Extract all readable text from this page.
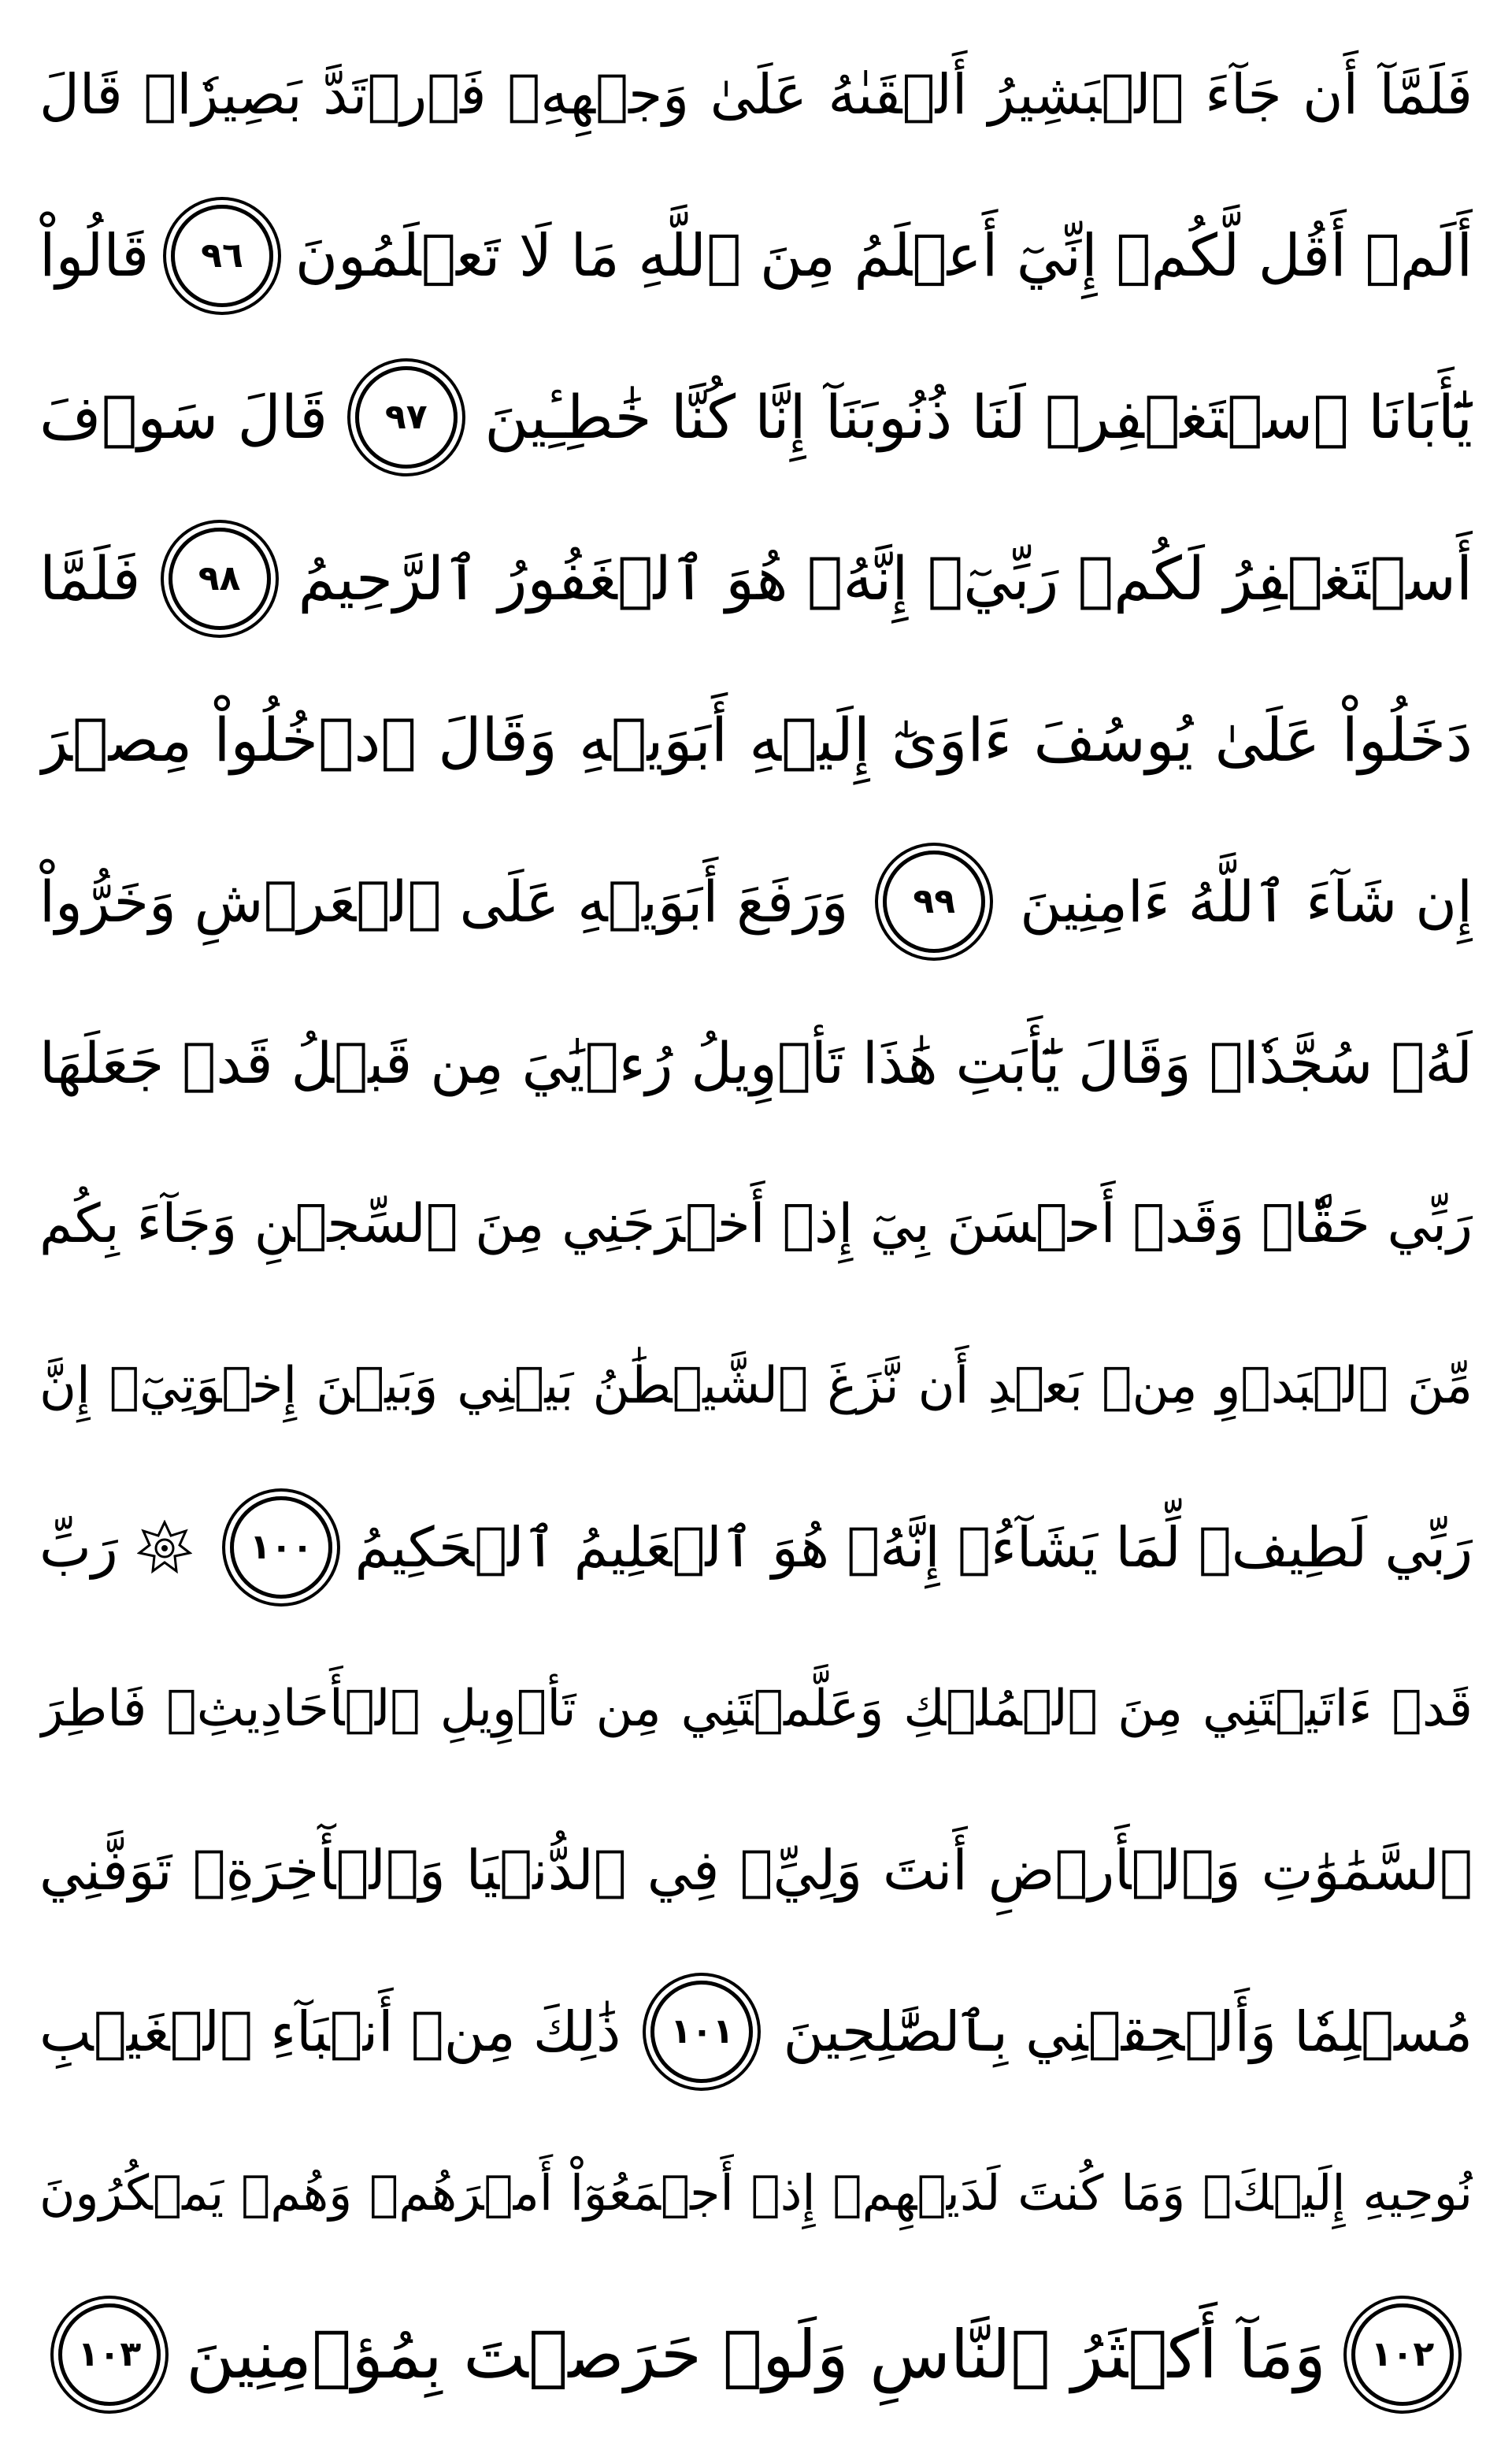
فَلَمَّآ أَن جَآءَ ٱلۡبَشِيرُ أَلۡقَىٰهُ عَلَىٰ وَجۡهِهِۦ فَٱرۡتَدَّ بَصِيرٗاۖ قَالَ
أَلَمۡ أَقُل لَّكُمۡ إِنِّيٓ أَعۡلَمُ مِنَ ٱللَّهِ مَا لَا تَعۡلَمُونَ
٩٦
قَالُواْ
يَٰٓأَبَانَا ٱسۡتَغۡفِرۡ لَنَا ذُنُوبَنَآ إِنَّا كُنَّا خَٰطِـِٔينَ
٩٧
قَالَ سَوۡفَ
أَسۡتَغۡفِرُ لَكُمۡ رَبِّيٓۖ إِنَّهُۥ هُوَ ٱلۡغَفُورُ ٱلرَّحِيمُ
٩٨
فَلَمَّا
دَخَلُواْ عَلَىٰ يُوسُفَ ءَاوَىٰٓ إِلَيۡهِ أَبَوَيۡهِ وَقَالَ ٱدۡخُلُواْ مِصۡرَ
إِن شَآءَ ٱللَّهُ ءَامِنِينَ
٩٩
وَرَفَعَ أَبَوَيۡهِ عَلَى ٱلۡعَرۡشِ وَخَرُّواْ
لَهُۥ سُجَّدٗاۖ وَقَالَ يَٰٓأَبَتِ هَٰذَا تَأۡوِيلُ رُءۡيَٰيَ مِن قَبۡلُ قَدۡ جَعَلَهَا
رَبِّي حَقّٗاۖ وَقَدۡ أَحۡسَنَ بِيٓ إِذۡ أَخۡرَجَنِي مِنَ ٱلسِّجۡنِ وَجَآءَ بِكُم
مِّنَ ٱلۡبَدۡوِ مِنۢ بَعۡدِ أَن نَّزَغَ ٱلشَّيۡطَٰنُ بَيۡنِي وَبَيۡنَ إِخۡوَتِيٓۚ إِنَّ
رَبِّي لَطِيفٞ لِّمَا يَشَآءُۚ إِنَّهُۥ هُوَ ٱلۡعَلِيمُ ٱلۡحَكِيمُ
١٠٠
رَبِّ
قَدۡ ءَاتَيۡتَنِي مِنَ ٱلۡمُلۡكِ وَعَلَّمۡتَنِي مِن تَأۡوِيلِ ٱلۡأَحَادِيثِۚ فَاطِرَ
ٱلسَّمَٰوَٰتِ وَٱلۡأَرۡضِ أَنتَ وَلِيِّۦ فِي ٱلدُّنۡيَا وَٱلۡأٓخِرَةِۖ تَوَفَّنِي
مُسۡلِمٗا وَأَلۡحِقۡنِي بِٱلصَّٰلِحِينَ
١٠١
ذَٰلِكَ مِنۡ أَنۢبَآءِ ٱلۡغَيۡبِ
نُوحِيهِ إِلَيۡكَۖ وَمَا كُنتَ لَدَيۡهِمۡ إِذۡ أَجۡمَعُوٓاْ أَمۡرَهُمۡ وَهُمۡ يَمۡكُرُونَ
١٠٢
وَمَآ أَكۡثَرُ ٱلنَّاسِ وَلَوۡ حَرَصۡتَ بِمُؤۡمِنِينَ
١٠٣
